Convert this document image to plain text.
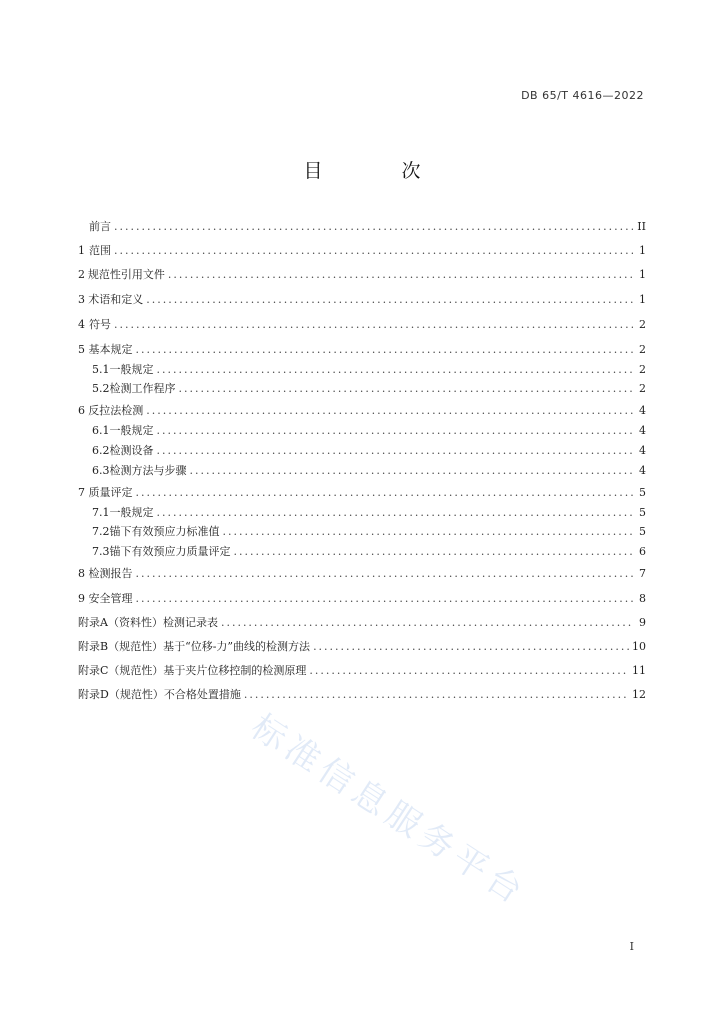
DB 65/T 4616—2022
目　次
前言 .....	II
1 范围 .....	1
2 规范性引用文件 .....	1
3 术语和定义 .....	1
4 符号 .....	2
5 基本规定 .....	2
5.1 一般规定 .....	2
5.2 检测工作程序 .....	2
6 反拉法检测 .....	4
6.1 一般规定 .....	4
6.2 检测设备 .....	4
6.3 检测方法与步骤 .....	4
7 质量评定 .....	5
7.1 一般规定 .....	5
7.2 锚下有效预应力标准值 .....	5
7.3 锚下有效预应力质量评定 .....	6
8 检测报告 .....	7
9 安全管理 .....	8
附录A（资料性） 检测记录表 .....	9
附录B（规范性） 基于“位移-力”曲线的检测方法 .....	10
附录C（规范性） 基于夹片位移控制的检测原理 .....	11
附录D（规范性） 不合格处置措施 .....	12
标准信息服务平台
I
